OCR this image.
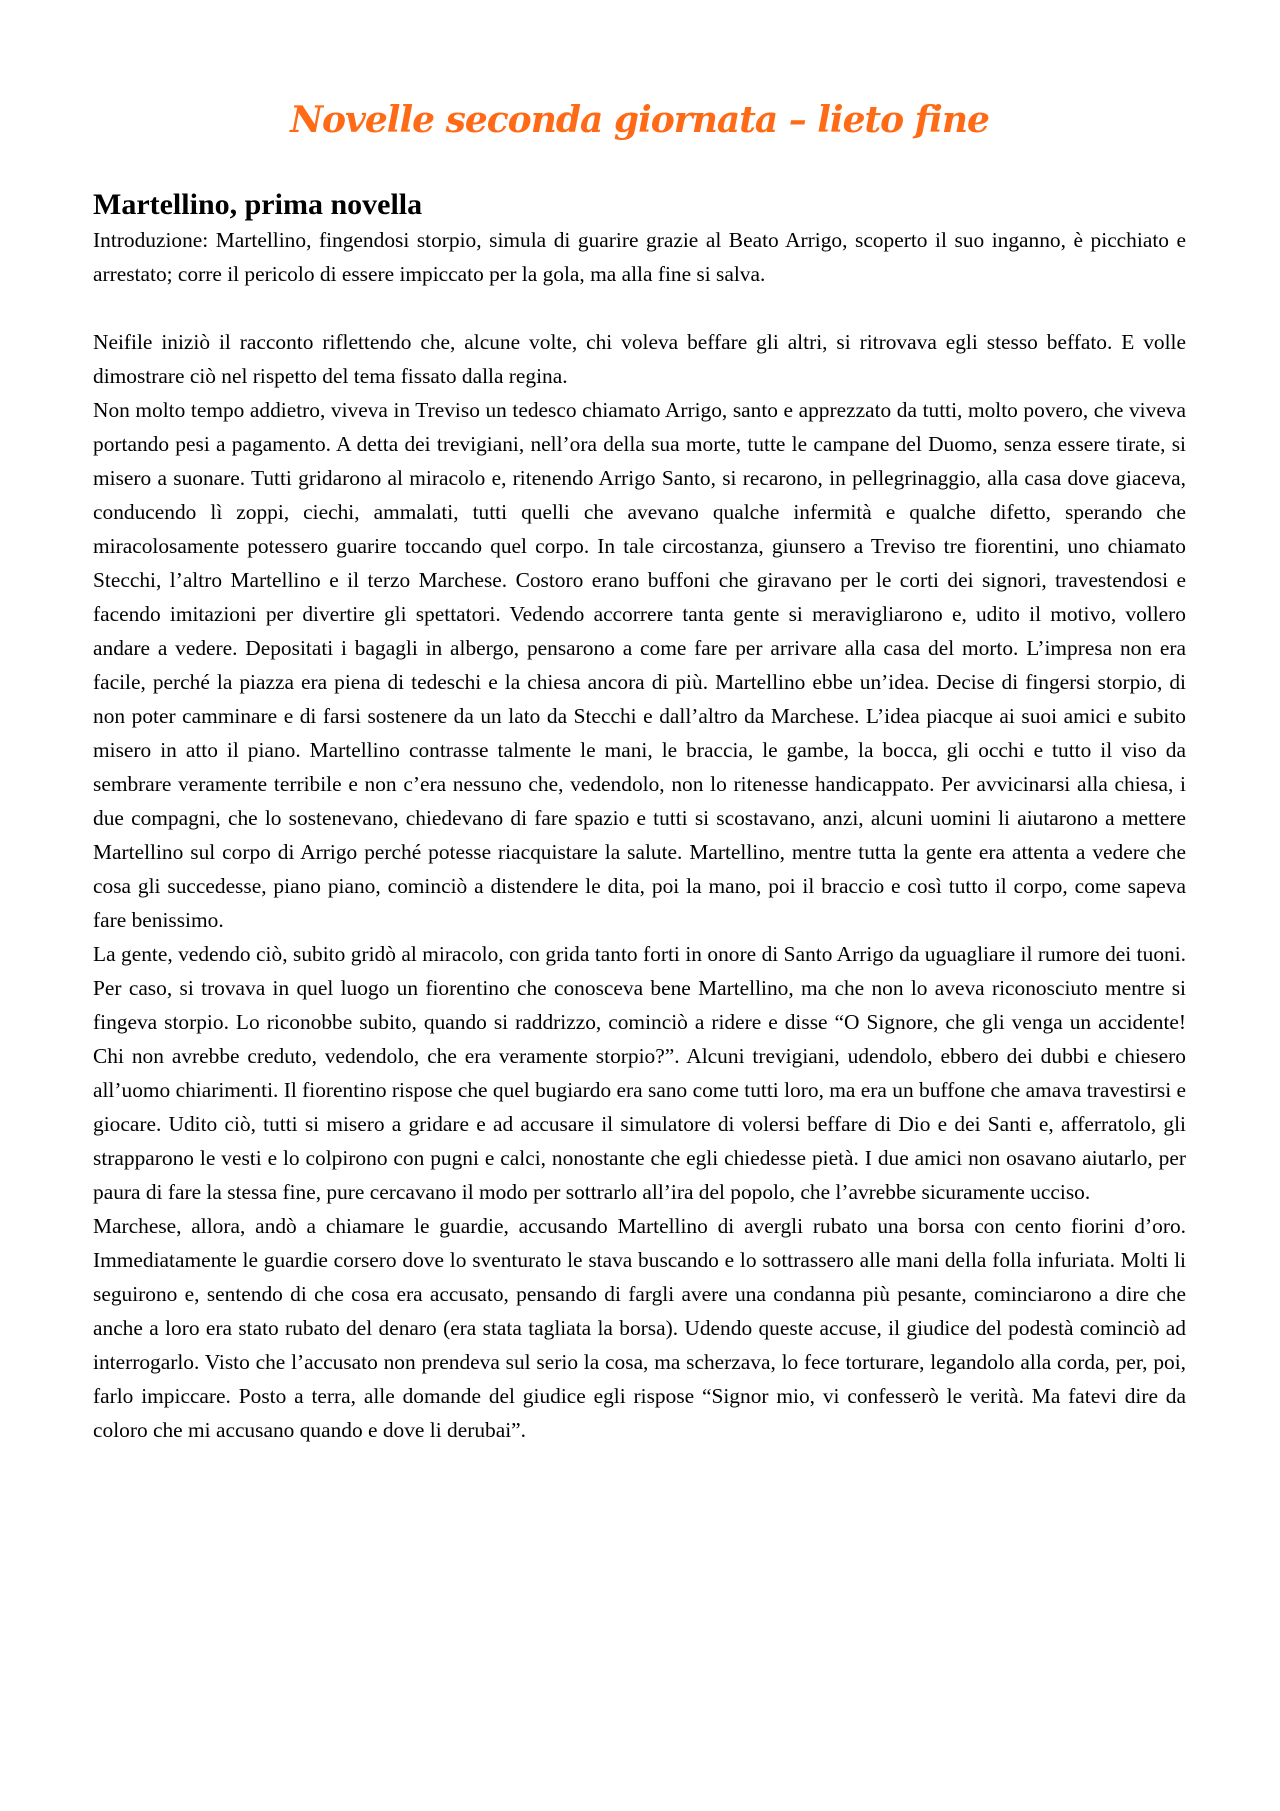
Novelle seconda giornata – lieto fine
Martellino, prima novella

Introduzione: Martellino, fingendosi storpio, simula di guarire grazie al Beato Arrigo, scoperto il suo inganno, è picchiato e arrestato; corre il pericolo di essere impiccato per la gola, ma alla fine si salva.

Neifile iniziò il racconto riflettendo che, alcune volte, chi voleva beffare gli altri, si ritrovava egli stesso beffato. E volle dimostrare ciò nel rispetto del tema fissato dalla regina.

Non molto tempo addietro, viveva in Treviso un tedesco chiamato Arrigo, santo e apprezzato da tutti, molto povero, che viveva portando pesi a pagamento. A detta dei trevigiani, nell’ora della sua morte, tutte le campane del Duomo, senza essere tirate, si misero a suonare. Tutti gridarono al miracolo e, ritenendo Arrigo Santo, si recarono, in pellegrinaggio, alla casa dove giaceva, conducendo lì zoppi, ciechi, ammalati, tutti quelli che avevano qualche infermità e qualche difetto, sperando che miracolosamente potessero guarire toccando quel corpo. In tale circostanza, giunsero a Treviso tre fiorentini, uno chiamato Stecchi, l’altro Martellino e il terzo Marchese. Costoro erano buffoni che giravano per le corti dei signori, travestendosi e facendo imitazioni per divertire gli spettatori. Vedendo accorrere tanta gente si meravigliarono e, udito il motivo, vollero andare a vedere. Depositati i bagagli in albergo, pensarono a come fare per arrivare alla casa del morto. L’impresa non era facile, perché la piazza era piena di tedeschi e la chiesa ancora di più. Martellino ebbe un’idea. Decise di fingersi storpio, di non poter camminare e di farsi sostenere da un lato da Stecchi e dall’altro da Marchese. L’idea piacque ai suoi amici e subito misero in atto il piano. Martellino contrasse talmente le mani, le braccia, le gambe, la bocca, gli occhi e tutto il viso da sembrare veramente terribile e non c’era nessuno che, vedendolo, non lo ritenesse handicappato. Per avvicinarsi alla chiesa, i due compagni, che lo sostenevano, chiedevano di fare spazio e tutti si scostavano, anzi, alcuni uomini li aiutarono a mettere Martellino sul corpo di Arrigo perché potesse riacquistare la salute. Martellino, mentre tutta la gente era attenta a vedere che cosa gli succedesse, piano piano, cominciò a distendere le dita, poi la mano, poi il braccio e così tutto il corpo, come sapeva fare benissimo.

La gente, vedendo ciò, subito gridò al miracolo, con grida tanto forti in onore di Santo Arrigo da uguagliare il rumore dei tuoni. Per caso, si trovava in quel luogo un fiorentino che conosceva bene Martellino, ma che non lo aveva riconosciuto mentre si fingeva storpio. Lo riconobbe subito, quando si raddrizzo, cominciò a ridere e disse “O Signore, che gli venga un accidente! Chi non avrebbe creduto, vedendolo, che era veramente storpio?”. Alcuni trevigiani, udendolo, ebbero dei dubbi e chiesero all’uomo chiarimenti. Il fiorentino rispose che quel bugiardo era sano come tutti loro, ma era un buffone che amava travestirsi e giocare. Udito ciò, tutti si misero a gridare e ad accusare il simulatore di volersi beffare di Dio e dei Santi e, afferratolo, gli strapparono le vesti e lo colpirono con pugni e calci, nonostante che egli chiedesse pietà. I due amici non osavano aiutarlo, per paura di fare la stessa fine, pure cercavano il modo per sottrarlo all’ira del popolo, che l’avrebbe sicuramente ucciso.

Marchese, allora, andò a chiamare le guardie, accusando Martellino di avergli rubato una borsa con cento fiorini d’oro. Immediatamente le guardie corsero dove lo sventurato le stava buscando e lo sottrassero alle mani della folla infuriata. Molti li seguirono e, sentendo di che cosa era accusato, pensando di fargli avere una condanna più pesante, cominciarono a dire che anche a loro era stato rubato del denaro (era stata tagliata la borsa). Udendo queste accuse, il giudice del podestà cominciò ad interrogarlo. Visto che l’accusato non prendeva sul serio la cosa, ma scherzava, lo fece torturare, legandolo alla corda, per, poi, farlo impiccare. Posto a terra, alle domande del giudice egli rispose “Signor mio, vi confesserò le verità. Ma fatevi dire da coloro che mi accusano quando e dove li derubai”.
